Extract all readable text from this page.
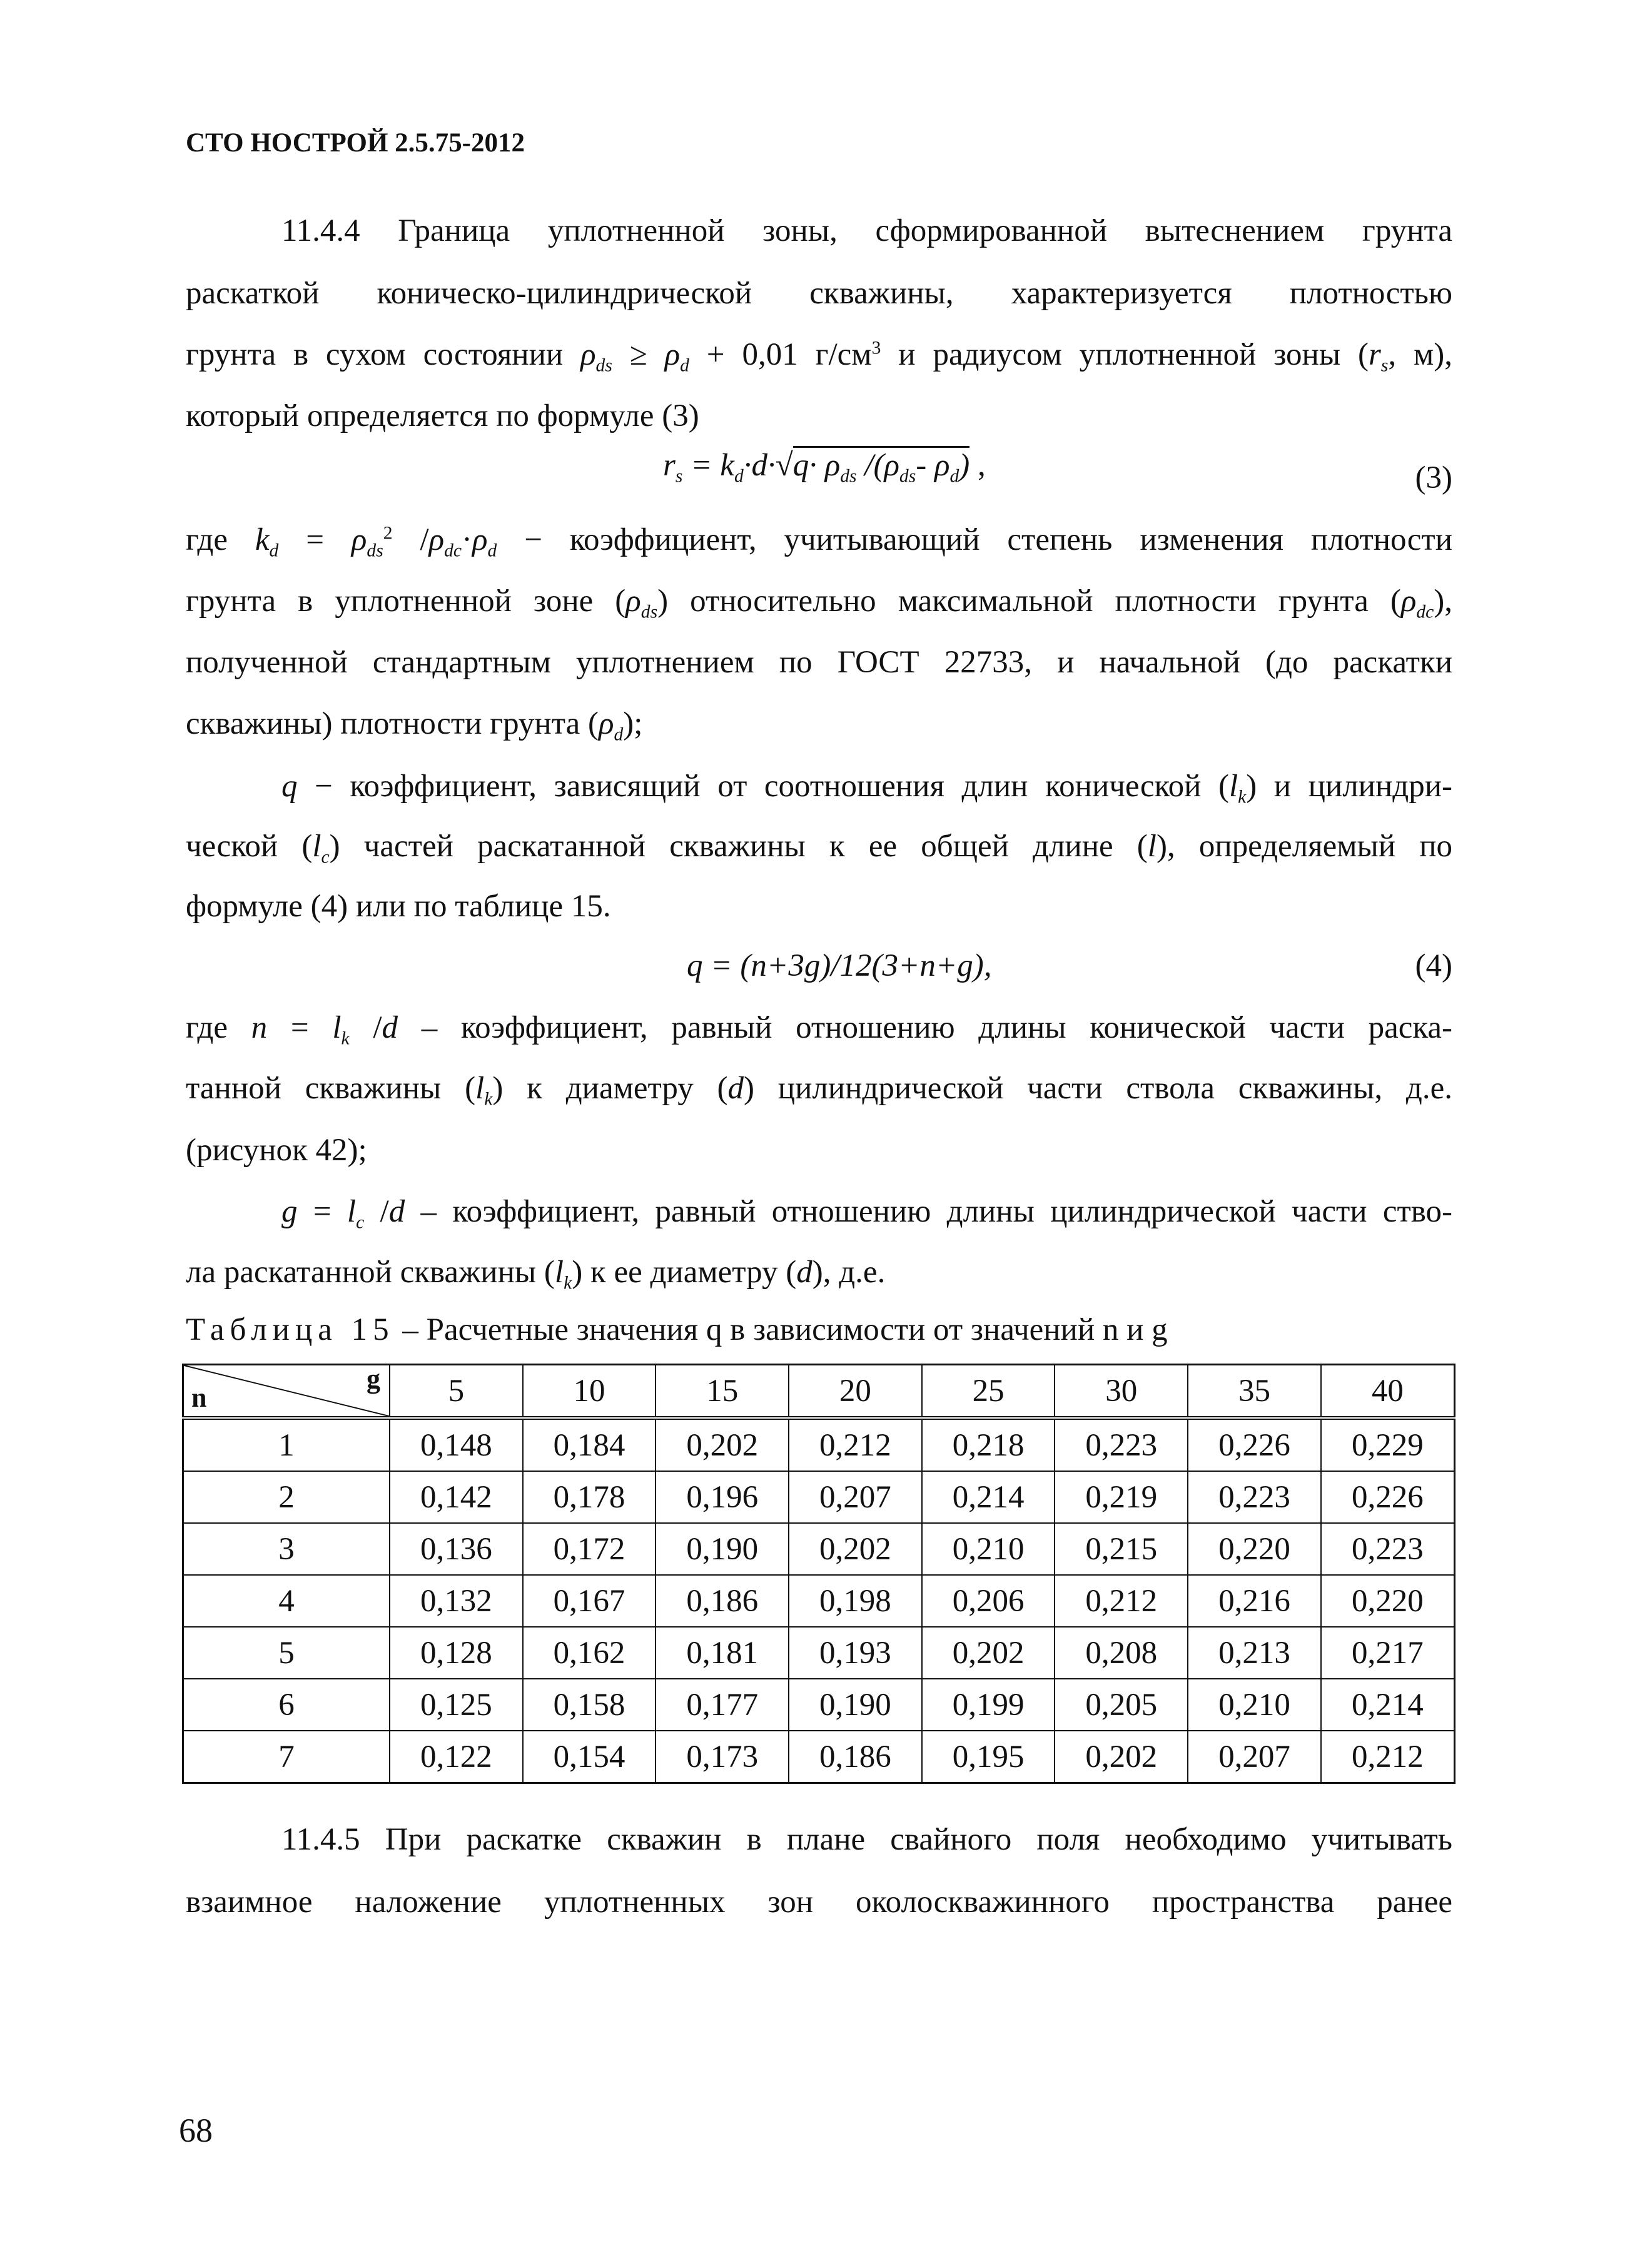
СТО НОСТРОЙ 2.5.75-2012
11.4.4 Граница уплотненной зоны, сформированной вытеснением грунта
раскаткой коническо-цилиндрической скважины, характеризуется плотностью
грунта в сухом состоянии $\rho_{ds} \ge \rho_d + 0,01$ $г/см^3$ и радиусом уплотненной зоны ($r_s$, м),
который определяется по формуле (3)
$r_s = k_d\cdot d\cdot√q\cdot \rho_{ds}$ $/(\rho_{ds}-$ $\rho_d$) ,	(3)
где $k_d = \rho_{ds}^2$ $/\rho_{dc}\cdot\rho_d$ − коэффициент, учитывающий степень изменения плотности
грунта в уплотненной зоне $(\rho_{ds})$ относительно максимальной плотности грунта $(\rho_{dc})$,
полученной стандартным уплотнением по ГОСТ 22733, и начальной (до раскатки
скважины) плотности грунта $(\rho_d)$;
q − коэффициент, зависящий от соотношения длин конической $(l_k)$ и цилиндри-
ческой $(l_c)$ частей раскатанной скважины к ее общей длине (l), определяемый по
формуле (4) или по таблице 15.
q = (n+3g)/12(3+n+g),	(4)
где $n = l_k$ /d – коэффициент, равный отношению длины конической части раска-
танной скважины $(l_k)$ к диаметру (d) цилиндрической части ствола скважины, д.е.
(рисунок 42);
$g = l_c$ /d – коэффициент, равный отношению длины цилиндрической части ство-
ла раскатанной скважины $(l_k)$ к ее диаметру (d), д.е.
Таблица 15 – Расчетные значения q в зависимости от значений n и g
n
g	5	10	15	20	25	30	35	40
1	0,148	0,184	0,202	0,212	0,218	0,223	0,226	0,229
2	0,142	0,178	0,196	0,207	0,214	0,219	0,223	0,226
3	0,136	0,172	0,190	0,202	0,210	0,215	0,220	0,223
4	0,132	0,167	0,186	0,198	0,206	0,212	0,216	0,220
5	0,128	0,162	0,181	0,193	0,202	0,208	0,213	0,217
6	0,125	0,158	0,177	0,190	0,199	0,205	0,210	0,214
7	0,122	0,154	0,173	0,186	0,195	0,202	0,207	0,212
11.4.5 При раскатке скважин в плане свайного поля необходимо учитывать
взаимное наложение уплотненных зон околоскважинного пространства ранее
68
